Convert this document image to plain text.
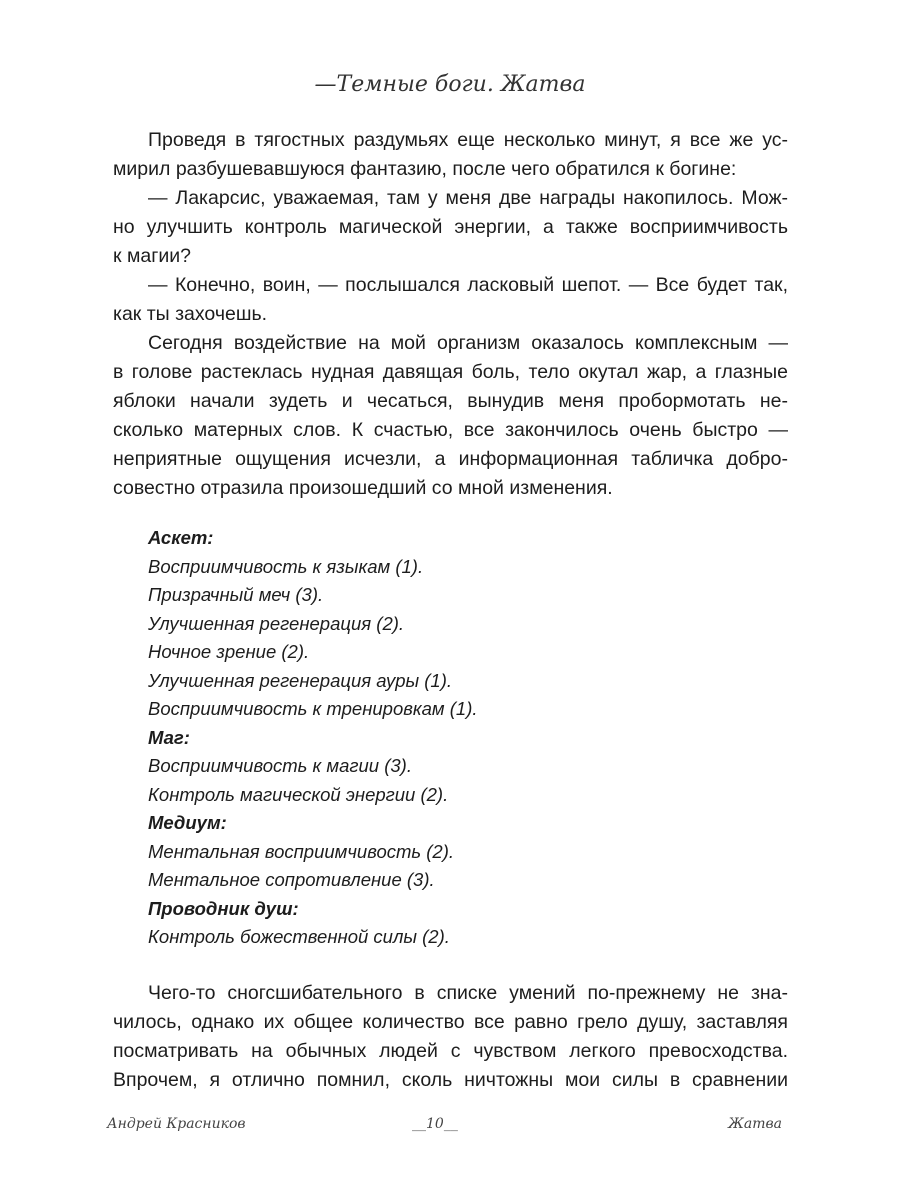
—Темные боги. Жатва
Проведя в тягостных раздумьях еще несколько минут, я все же ус-
мирил разбушевавшуюся фантазию, после чего обратился к богине:
— Лакарсис, уважаемая, там у меня две награды накопилось. Мож-
но улучшить контроль магической энергии, а также восприимчивость
к магии?
— Конечно, воин, — послышался ласковый шепот. — Все будет так,
как ты захочешь.
Сегодня воздействие на мой организм оказалось комплексным —
в голове растеклась нудная давящая боль, тело окутал жар, а глазные
яблоки начали зудеть и чесаться, вынудив меня пробормотать не-
сколько матерных слов. К счастью, все закончилось очень быстро —
неприятные ощущения исчезли, а информационная табличка добро-
совестно отразила произошедший со мной изменения.
Аскет:
Восприимчивость к языкам (1).
Призрачный меч (3).
Улучшенная регенерация (2).
Ночное зрение (2).
Улучшенная регенерация ауры (1).
Восприимчивость к тренировкам (1).
Маг:
Восприимчивость к магии (3).
Контроль магической энергии (2).
Медиум:
Ментальная восприимчивость (2).
Ментальное сопротивление (3).
Проводник душ:
Контроль божественной силы (2).
Чего-то сногсшибательного в списке умений по-прежнему не зна-
чилось, однако их общее количество все равно грело душу, заставляя
посматривать на обычных людей с чувством легкого превосходства.
Впрочем, я отлично помнил, сколь ничтожны мои силы в сравнении
Андрей Красников	__10__	Жатва
